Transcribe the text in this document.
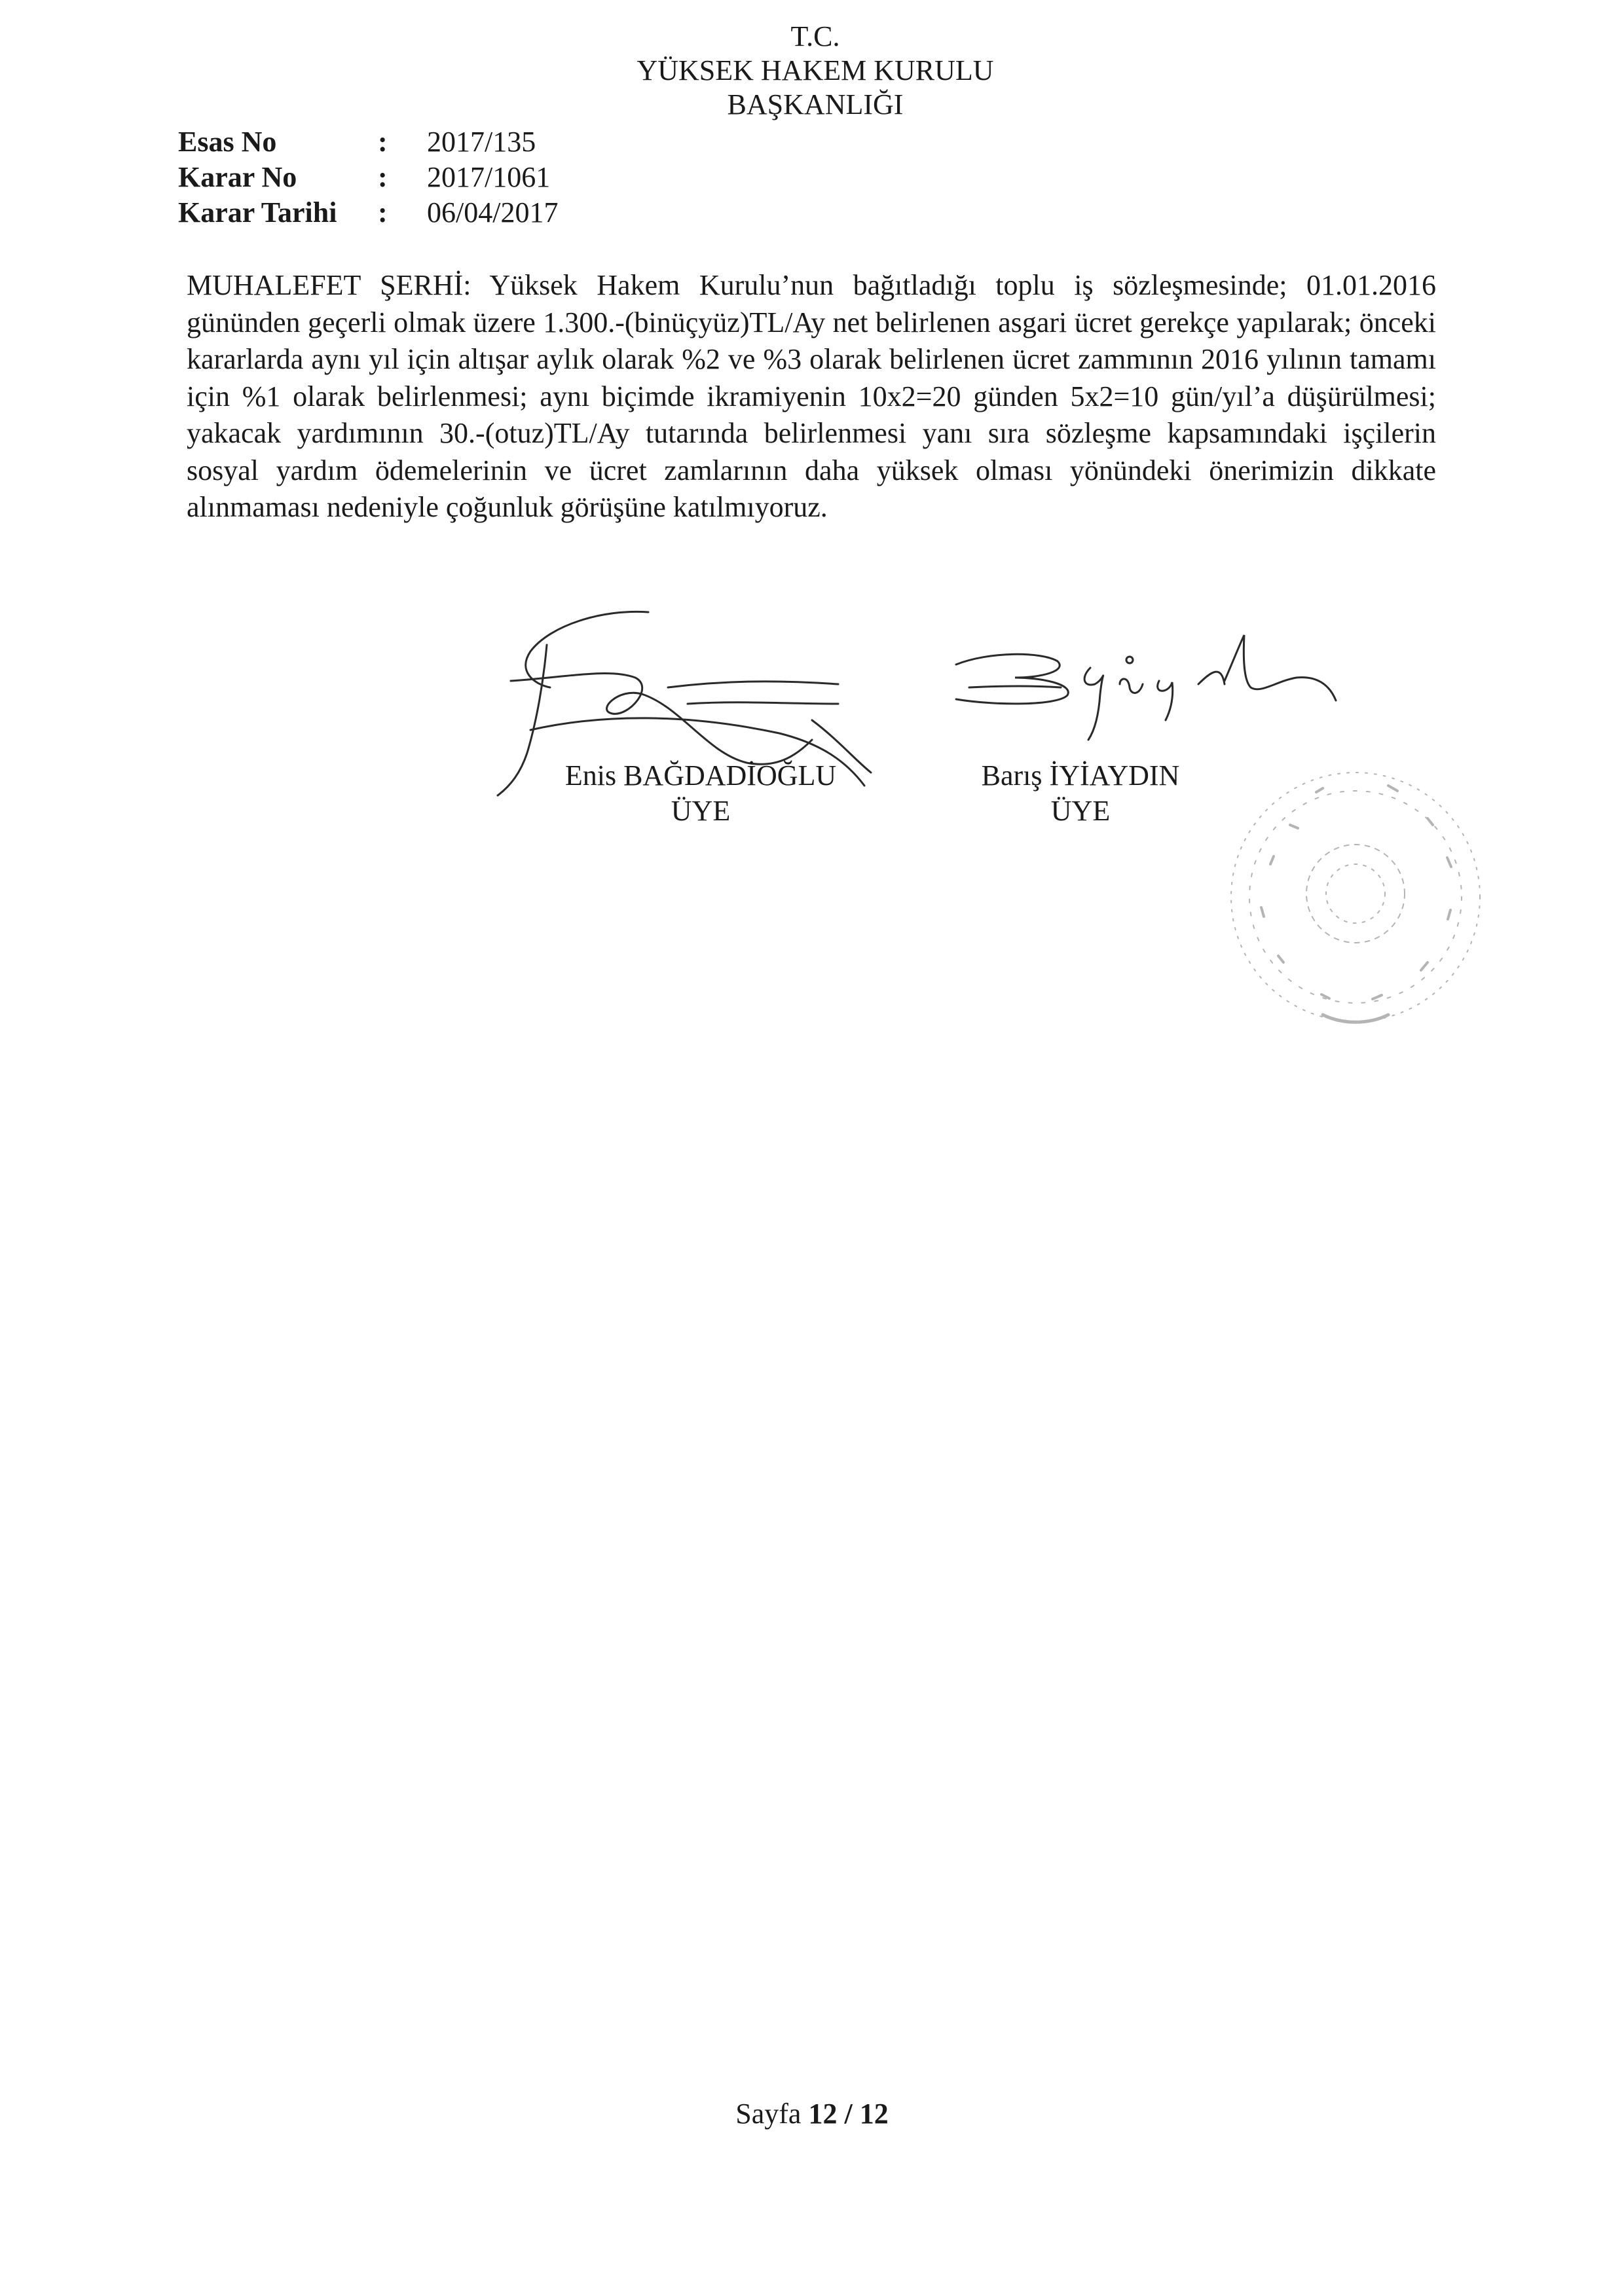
T.C.
YÜKSEK HAKEM KURULU
BAŞKANLIĞI
Esas No	:	2017/135
Karar No	:	2017/1061
Karar Tarihi	:	06/04/2017
MUHALEFET ŞERHİ: Yüksek Hakem Kurulu’nun bağıtladığı toplu iş sözleşmesinde; 01.01.2016 gününden geçerli olmak üzere 1.300.-(binüçyüz)TL/Ay net belirlenen asgari ücret gerekçe yapılarak; önceki kararlarda aynı yıl için altışar aylık olarak %2 ve %3 olarak belirlenen ücret zammının 2016 yılının tamamı için %1 olarak belirlenmesi; aynı biçimde ikramiyenin 10x2=20 günden 5x2=10 gün/yıl’a düşürülmesi; yakacak yardımının 30.-(otuz)TL/Ay tutarında belirlenmesi yanı sıra sözleşme kapsamındaki işçilerin sosyal yardım ödemelerinin ve ücret zamlarının daha yüksek olması yönündeki önerimizin dikkate alınmaması nedeniyle çoğunluk görüşüne katılmıyoruz.
Enis BAĞDADİOĞLU
ÜYE
Barış İYİAYDIN
ÜYE
Sayfa 12 / 12
